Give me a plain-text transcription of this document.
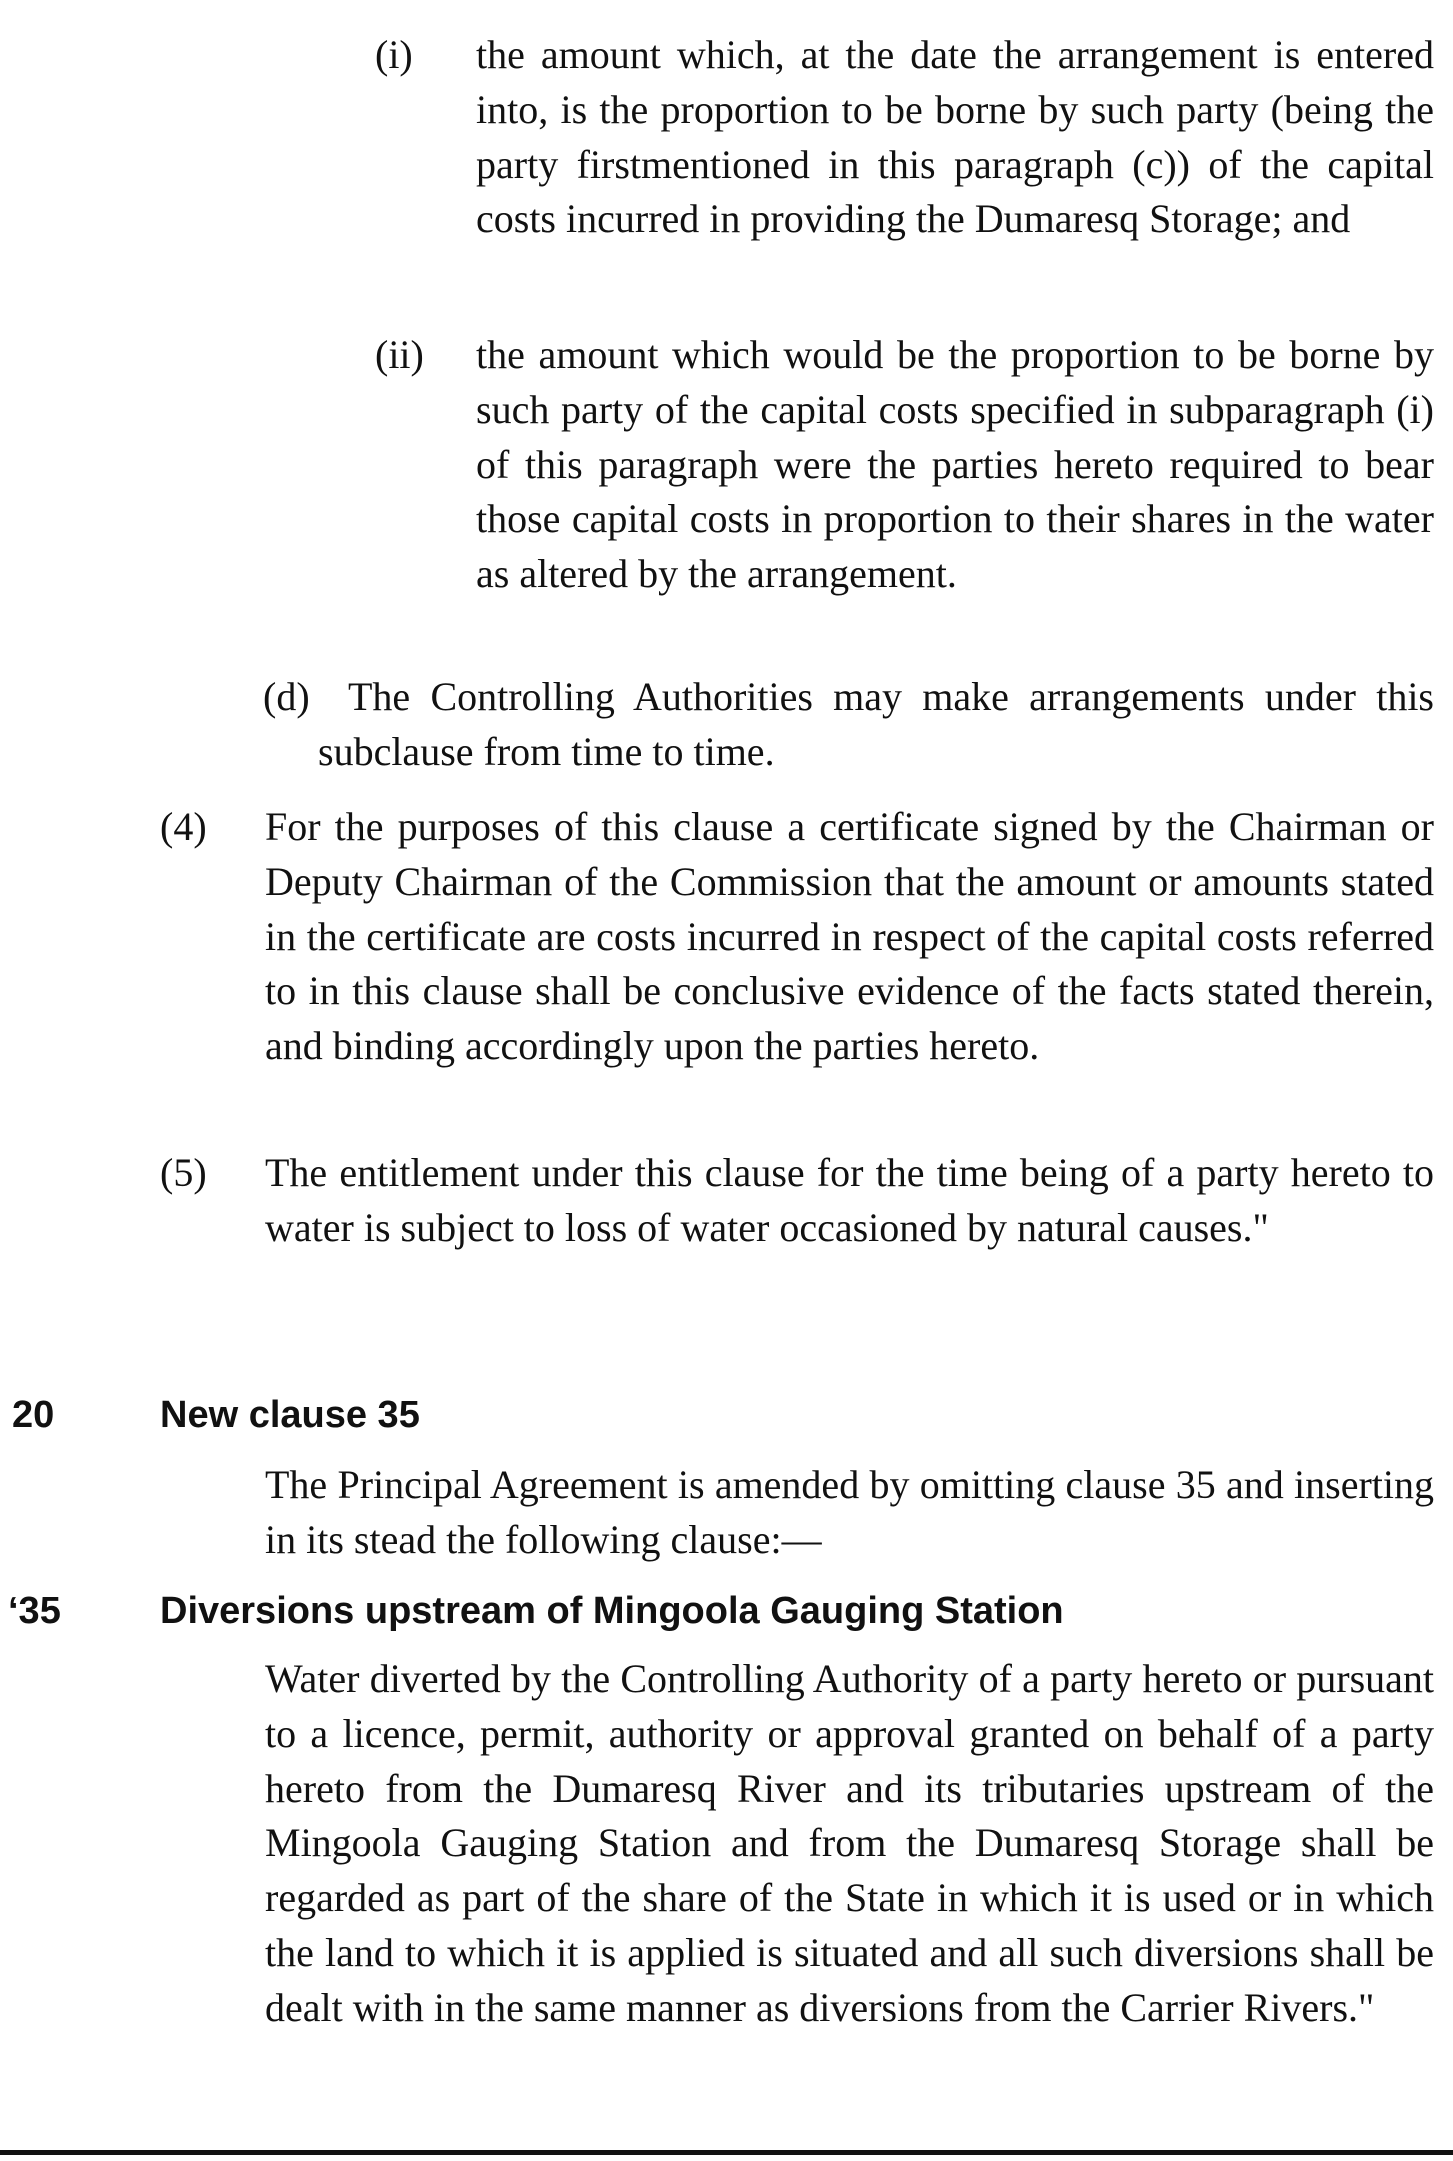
(i) the amount which, at the date the arrangement is entered into, is the proportion to be borne by such party (being the party firstmentioned in this paragraph (c)) of the capital costs incurred in providing the Dumaresq Storage; and
(ii) the amount which would be the proportion to be borne by such party of the capital costs specified in subparagraph (i) of this paragraph were the parties hereto required to bear those capital costs in proportion to their shares in the water as altered by the arrangement.
(d) The Controlling Authorities may make arrangements under this subclause from time to time.
(4) For the purposes of this clause a certificate signed by the Chairman or Deputy Chairman of the Commission that the amount or amounts stated in the certificate are costs incurred in respect of the capital costs referred to in this clause shall be conclusive evidence of the facts stated therein, and binding accordingly upon the parties hereto.
(5) The entitlement under this clause for the time being of a party hereto to water is subject to loss of water occasioned by natural causes."
20	New clause 35
The Principal Agreement is amended by omitting clause 35 and inserting in its stead the following clause:—
‘35	Diversions upstream of Mingoola Gauging Station
Water diverted by the Controlling Authority of a party hereto or pursuant to a licence, permit, authority or approval granted on behalf of a party hereto from the Dumaresq River and its tributaries upstream of the Mingoola Gauging Station and from the Dumaresq Storage shall be regarded as part of the share of the State in which it is used or in which the land to which it is applied is situated and all such diversions shall be dealt with in the same manner as diversions from the Carrier Rivers."
